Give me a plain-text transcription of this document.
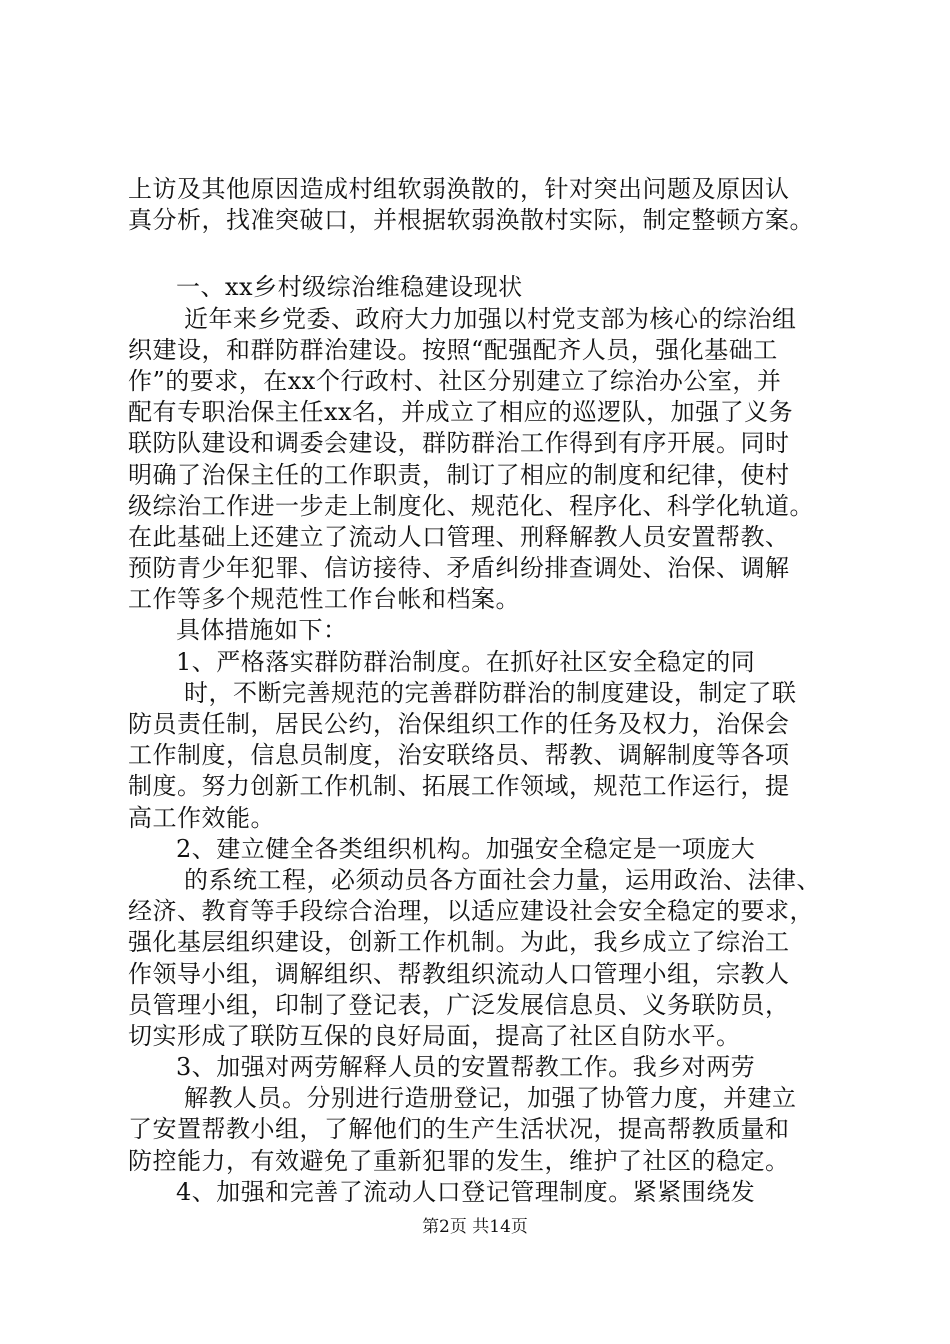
上访及其他原因造成村组软弱涣散的，针对突出问题及原因认
真分析，找准突破口，并根据软弱涣散村实际，制定整顿方案。
一、xx乡村级综治维稳建设现状
近年来乡党委、政府大力加强以村党支部为核心的综治组
织建设，和群防群治建设。按照“配强配齐人员，强化基础工
作”的要求，在xx个行政村、社区分别建立了综治办公室，并
配有专职治保主任xx名，并成立了相应的巡逻队，加强了义务
联防队建设和调委会建设，群防群治工作得到有序开展。同时
明确了治保主任的工作职责，制订了相应的制度和纪律，使村
级综治工作进一步走上制度化、规范化、程序化、科学化轨道。
在此基础上还建立了流动人口管理、刑释解教人员安置帮教、
预防青少年犯罪、信访接待、矛盾纠纷排查调处、治保、调解
工作等多个规范性工作台帐和档案。
具体措施如下：
1、严格落实群防群治制度。在抓好社区安全稳定的同
时，不断完善规范的完善群防群治的制度建设，制定了联
防员责任制，居民公约，治保组织工作的任务及权力，治保会
工作制度，信息员制度，治安联络员、帮教、调解制度等各项
制度。努力创新工作机制、拓展工作领域，规范工作运行，提
高工作效能。
2、建立健全各类组织机构。加强安全稳定是一项庞大
的系统工程，必须动员各方面社会力量，运用政治、法律、
经济、教育等手段综合治理，以适应建设社会安全稳定的要求，
强化基层组织建设，创新工作机制。为此，我乡成立了综治工
作领导小组，调解组织、帮教组织流动人口管理小组，宗教人
员管理小组，印制了登记表，广泛发展信息员、义务联防员，
切实形成了联防互保的良好局面，提高了社区自防水平。
3、加强对两劳解释人员的安置帮教工作。我乡对两劳
解教人员。分别进行造册登记，加强了协管力度，并建立
了安置帮教小组，了解他们的生产生活状况，提高帮教质量和
防控能力，有效避免了重新犯罪的发生，维护了社区的稳定。
4、加强和完善了流动人口登记管理制度。紧紧围绕发
第2页 共14页
